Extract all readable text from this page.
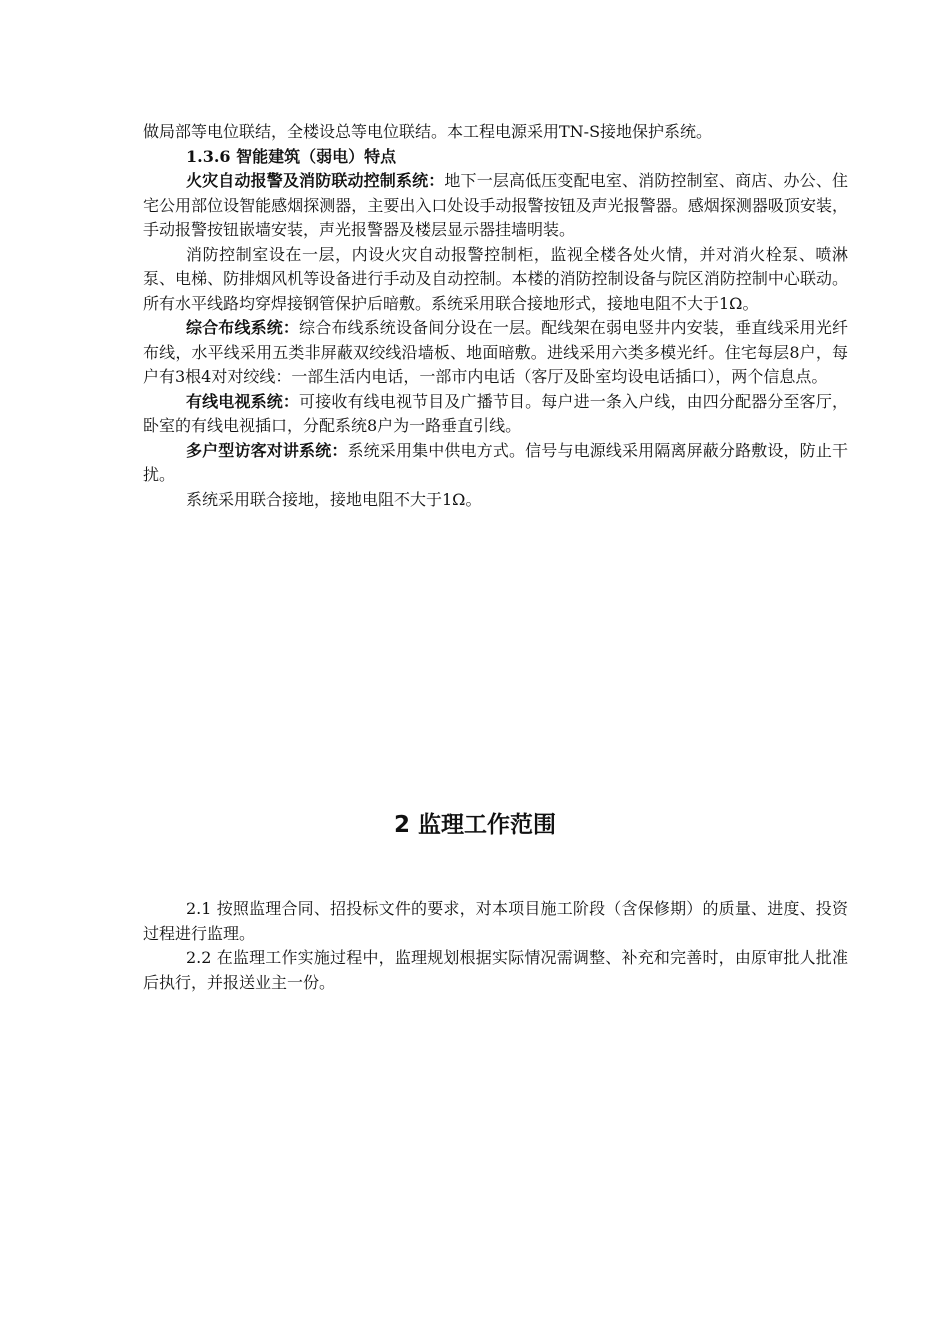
做局部等电位联结，全楼设总等电位联结。本工程电源采用TN-S接地保护系统。

1.3.6 智能建筑（弱电）特点

火灾自动报警及消防联动控制系统：地下一层高低压变配电室、消防控制室、商店、办公、住宅公用部位设智能感烟探测器，主要出入口处设手动报警按钮及声光报警器。感烟探测器吸顶安装，手动报警按钮嵌墙安装，声光报警器及楼层显示器挂墙明装。

消防控制室设在一层，内设火灾自动报警控制柜，监视全楼各处火情，并对消火栓泵、喷淋泵、电梯、防排烟风机等设备进行手动及自动控制。本楼的消防控制设备与院区消防控制中心联动。所有水平线路均穿焊接钢管保护后暗敷。系统采用联合接地形式，接地电阻不大于1Ω。

综合布线系统：综合布线系统设备间分设在一层。配线架在弱电竖井内安装，垂直线采用光纤布线，水平线采用五类非屏蔽双绞线沿墙板、地面暗敷。进线采用六类多模光纤。住宅每层8户，每户有3根4对对绞线：一部生活内电话，一部市内电话（客厅及卧室均设电话插口），两个信息点。

有线电视系统：可接收有线电视节目及广播节目。每户进一条入户线，由四分配器分至客厅，卧室的有线电视插口，分配系统8户为一路垂直引线。

多户型访客对讲系统：系统采用集中供电方式。信号与电源线采用隔离屏蔽分路敷设，防止干扰。

系统采用联合接地，接地电阻不大于1Ω。

2 监理工作范围

2.1 按照监理合同、招投标文件的要求，对本项目施工阶段（含保修期）的质量、进度、投资过程进行监理。

2.2 在监理工作实施过程中，监理规划根据实际情况需调整、补充和完善时，由原审批人批准后执行，并报送业主一份。
